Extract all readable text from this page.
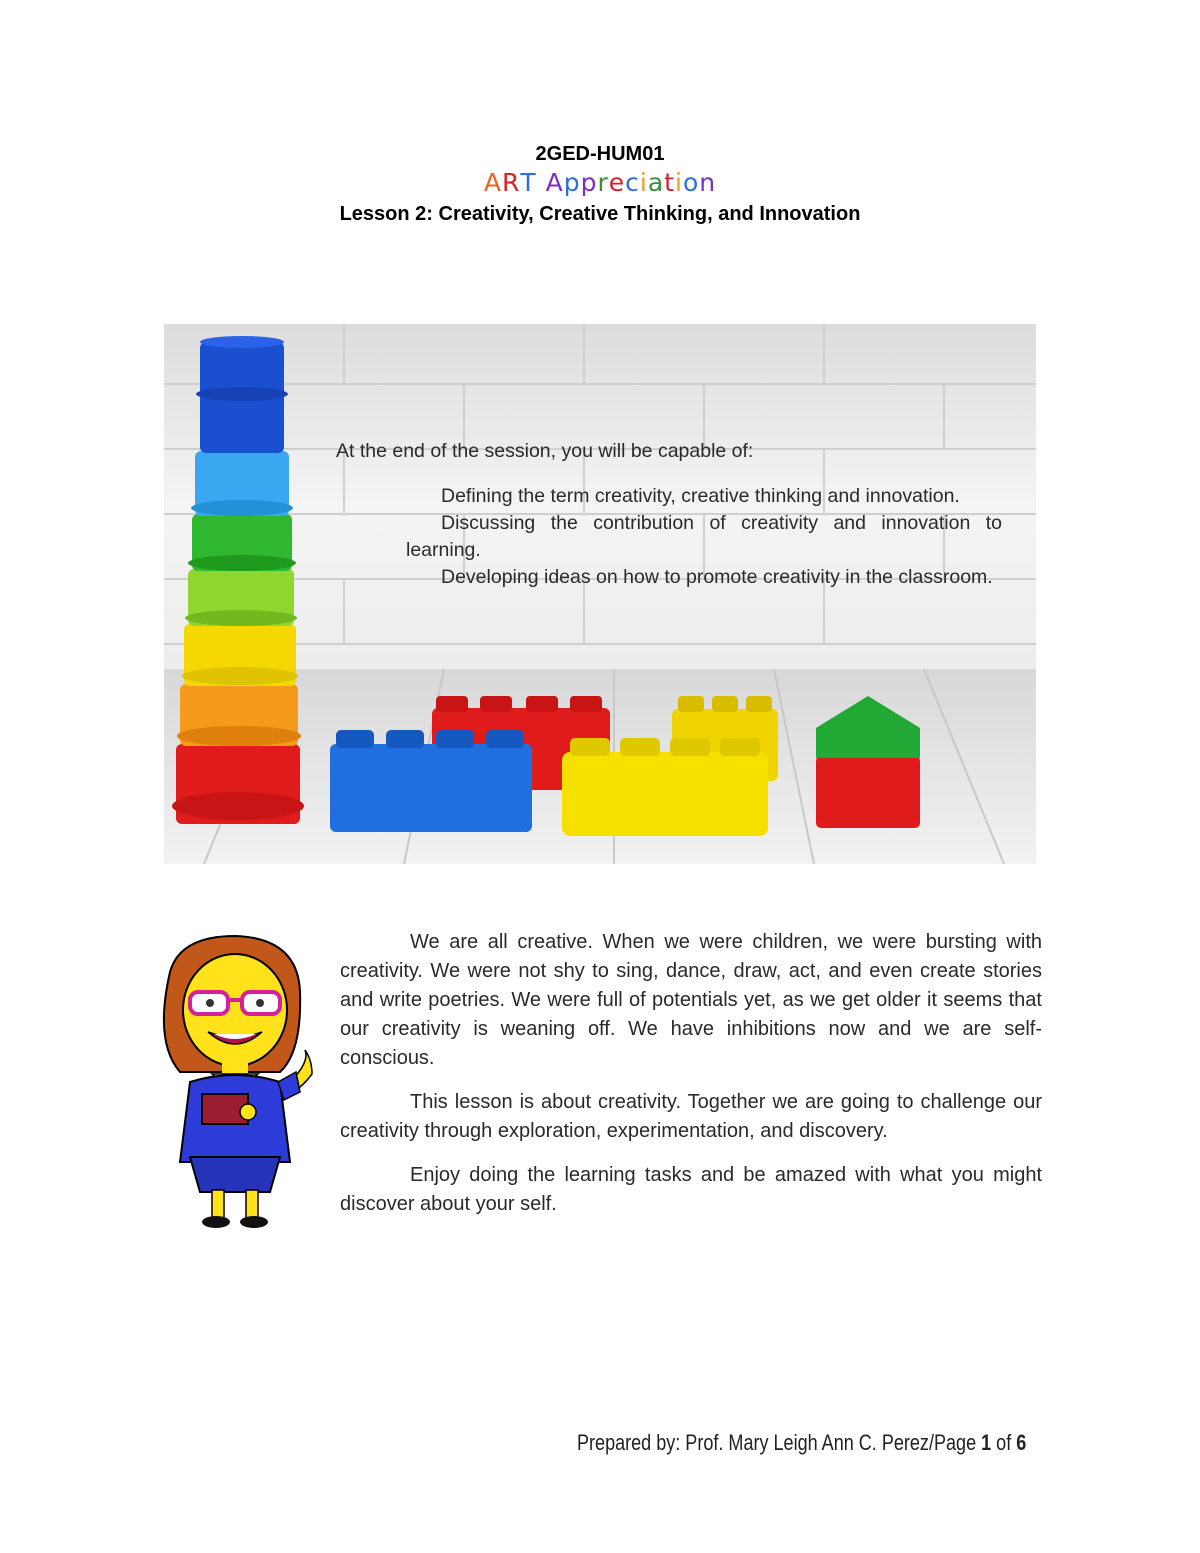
2GED-HUM01
ART Appreciation
Lesson 2: Creativity, Creative Thinking, and Innovation

At the end of the session, you will be capable of:

Defining the term creativity, creative thinking and innovation.
Discussing the contribution of creativity and innovation to learning.
Developing ideas on how to promote creativity in the classroom.

We are all creative. When we were children, we were bursting with creativity. We were not shy to sing, dance, draw, act, and even create stories and write poetries. We were full of potentials yet, as we get older it seems that our creativity is weaning off. We have inhibitions now and we are self-conscious.

This lesson is about creativity. Together we are going to challenge our creativity through exploration, experimentation, and discovery.

Enjoy doing the learning tasks and be amazed with what you might discover about your self.

Prepared by: Prof. Mary Leigh Ann C. Perez/Page 1 of 6
